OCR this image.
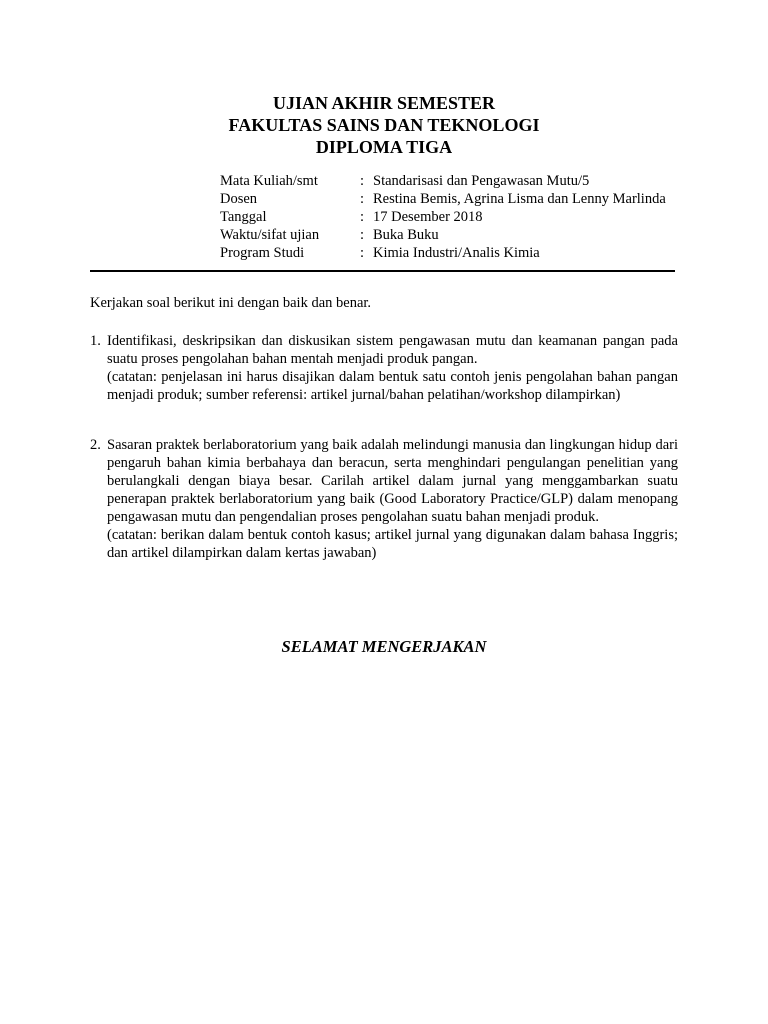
UJIAN AKHIR SEMESTER
FAKULTAS SAINS DAN TEKNOLOGI
DIPLOMA TIGA
Mata Kuliah/smt	: Standarisasi dan Pengawasan Mutu/5
Dosen	: Restina Bemis, Agrina Lisma dan Lenny Marlinda
Tanggal	: 17 Desember 2018
Waktu/sifat ujian	: Buka Buku
Program Studi	: Kimia Industri/Analis Kimia
Kerjakan soal berikut ini dengan baik dan benar.
1. Identifikasi, deskripsikan dan diskusikan sistem pengawasan mutu dan keamanan pangan pada suatu proses pengolahan bahan mentah menjadi produk pangan.

(catatan: penjelasan ini harus disajikan dalam bentuk satu contoh jenis pengolahan bahan pangan menjadi produk; sumber referensi: artikel jurnal/bahan pelatihan/workshop dilampirkan)

2. Sasaran praktek berlaboratorium yang baik adalah melindungi manusia dan lingkungan hidup dari pengaruh bahan kimia berbahaya dan beracun, serta menghindari pengulangan penelitian yang berulangkali dengan biaya besar. Carilah artikel dalam jurnal yang menggambarkan suatu penerapan praktek berlaboratorium yang baik (Good Laboratory Practice/GLP) dalam menopang pengawasan mutu dan pengendalian proses pengolahan suatu bahan menjadi produk.

(catatan: berikan dalam bentuk contoh kasus; artikel jurnal yang digunakan dalam bahasa Inggris; dan artikel dilampirkan dalam kertas jawaban)

SELAMAT MENGERJAKAN
